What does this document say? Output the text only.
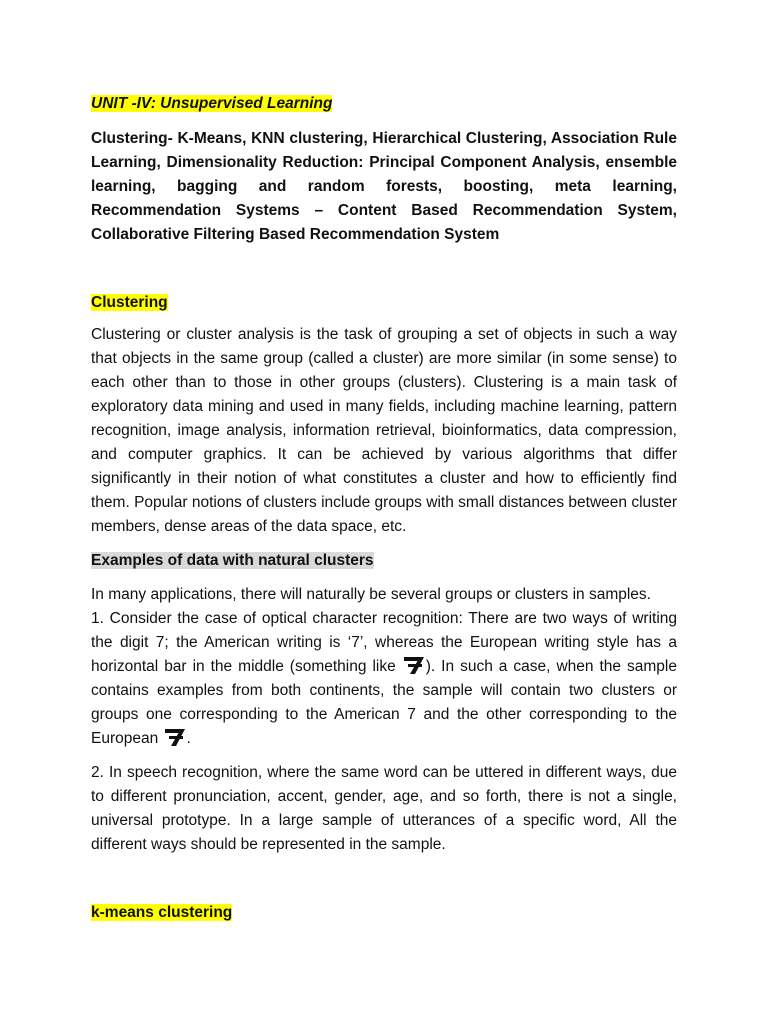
UNIT -IV: Unsupervised Learning
Clustering- K-Means, KNN clustering, Hierarchical Clustering, Association Rule Learning, Dimensionality Reduction: Principal Component Analysis, ensemble learning, bagging and random forests, boosting, meta learning, Recommendation Systems – Content Based Recommendation System, Collaborative Filtering Based Recommendation System
Clustering
Clustering or cluster analysis is the task of grouping a set of objects in such a way that objects in the same group (called a cluster) are more similar (in some sense) to each other than to those in other groups (clusters). Clustering is a main task of exploratory data mining and used in many fields, including machine learning, pattern recognition, image analysis, information retrieval, bioinformatics, data compression, and computer graphics. It can be achieved by various algorithms that differ significantly in their notion of what constitutes a cluster and how to efficiently find them. Popular notions of clusters include groups with small distances between cluster members, dense areas of the data space, etc.
Examples of data with natural clusters
In many applications, there will naturally be several groups or clusters in samples.
1. Consider the case of optical character recognition: There are two ways of writing the digit 7; the American writing is ‘7’, whereas the European writing style has a horizontal bar in the middle (something like ). In such a case, when the sample contains examples from both continents, the sample will contain two clusters or groups one corresponding to the American 7 and the other corresponding to the European .
2. In speech recognition, where the same word can be uttered in different ways, due to different pronunciation, accent, gender, age, and so forth, there is not a single, universal prototype. In a large sample of utterances of a specific word, All the different ways should be represented in the sample.
k-means clustering
